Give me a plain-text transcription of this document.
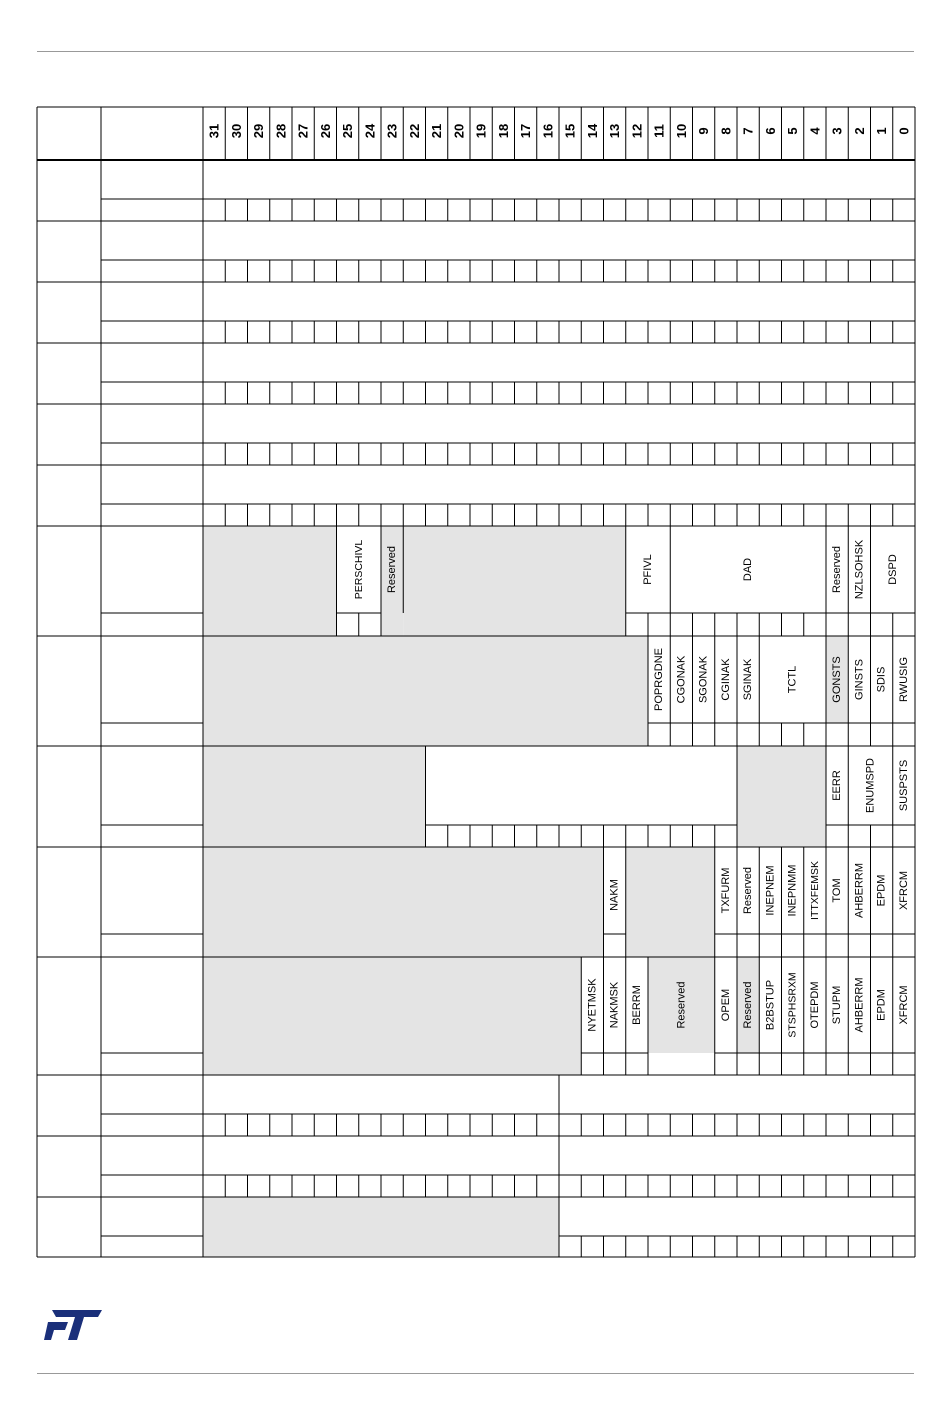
31 30 29 28 27 26 25 24 23 22 21 20 19 18 17 16 15 14 13 12 11 10 9 8 7 6 5 4 3 2 1 0
PERSCHIVL Reserved	PFIVL	DAD	Reserved NZLSOHSK DSPD
POPRGDNE CGONAK SGONAK CGINAK SGINAK	TCTL	GONSTS GINSTS SDIS RWUSIG
EERR ENUMSPD SUSPSTS
NAKM	TXFURM Reserved INEPNEM INEPNMM ITTXFEMSK TOM AHBERRM EPDM XFRCM
NYETMSK NAKMSK BERRM	Reserved	OPEM Reserved B2BSTUP STSPHSRXM OTEPDM STUPM AHBERRM EPDM XFRCM
